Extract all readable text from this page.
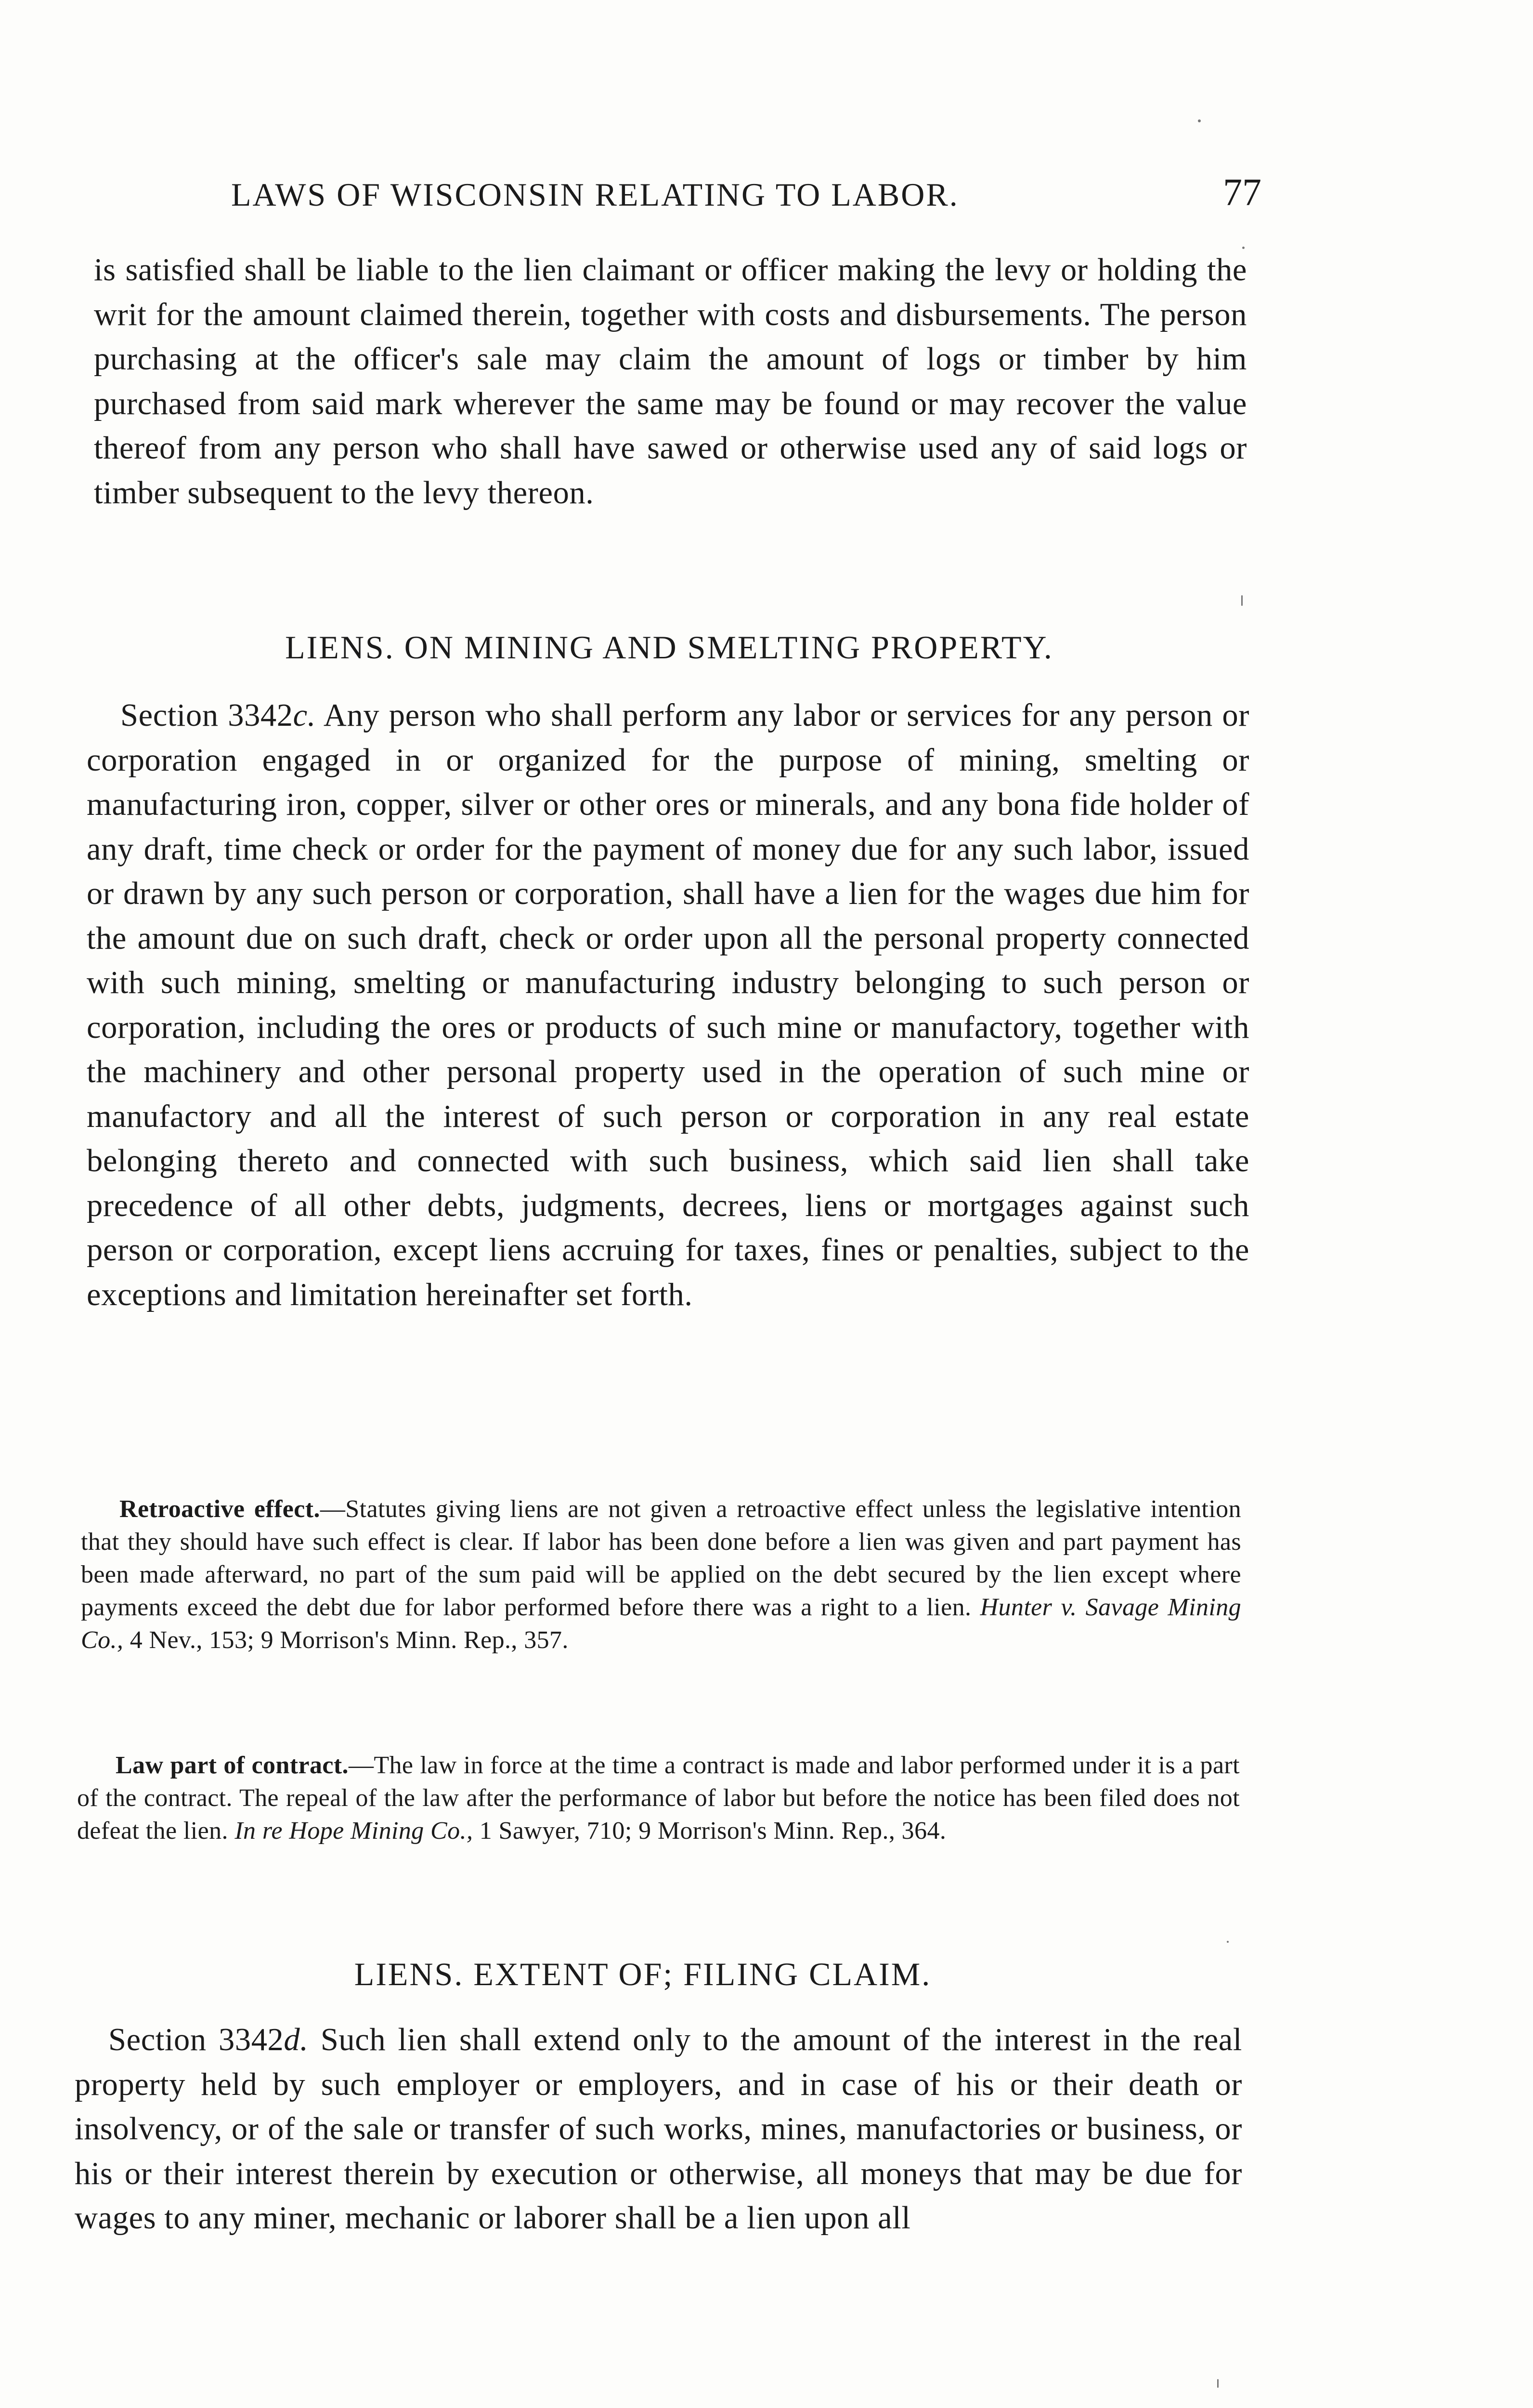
LAWS OF WISCONSIN RELATING TO LABOR.	77
is satisfied shall be liable to the lien claimant or officer making the levy or holding the writ for the amount claimed therein, together with costs and disbursements. The person purchasing at the officer's sale may claim the amount of logs or timber by him purchased from said mark wherever the same may be found or may recover the value thereof from any person who shall have sawed or otherwise used any of said logs or timber subsequent to the levy thereon.
LIENS. ON MINING AND SMELTING PROPERTY.
Section 3342c. Any person who shall perform any labor or services for any person or corporation engaged in or organized for the purpose of mining, smelting or manufacturing iron, copper, silver or other ores or minerals, and any bona fide holder of any draft, time check or order for the payment of money due for any such labor, issued or drawn by any such person or corporation, shall have a lien for the wages due him for the amount due on such draft, check or order upon all the personal property connected with such mining, smelting or manufacturing industry belonging to such person or corporation, including the ores or products of such mine or manufactory, together with the machinery and other personal property used in the operation of such mine or manufactory and all the interest of such person or corporation in any real estate belonging thereto and connected with such business, which said lien shall take precedence of all other debts, judgments, decrees, liens or mortgages against such person or corporation, except liens accruing for taxes, fines or penalties, subject to the exceptions and limitation hereinafter set forth.
Retroactive effect.—Statutes giving liens are not given a retroactive effect unless the legislative intention that they should have such effect is clear. If labor has been done before a lien was given and part payment has been made afterward, no part of the sum paid will be applied on the debt secured by the lien except where payments exceed the debt due for labor performed before there was a right to a lien. Hunter v. Savage Mining Co., 4 Nev., 153; 9 Morrison's Minn. Rep., 357.
Law part of contract.—The law in force at the time a contract is made and labor performed under it is a part of the contract. The repeal of the law after the performance of labor but before the notice has been filed does not defeat the lien. In re Hope Mining Co., 1 Sawyer, 710; 9 Morrison's Minn. Rep., 364.
LIENS. EXTENT OF; FILING CLAIM.
Section 3342d. Such lien shall extend only to the amount of the interest in the real property held by such employer or employers, and in case of his or their death or insolvency, or of the sale or transfer of such works, mines, manufactories or business, or his or their interest therein by execution or otherwise, all moneys that may be due for wages to any miner, mechanic or laborer shall be a lien upon all
